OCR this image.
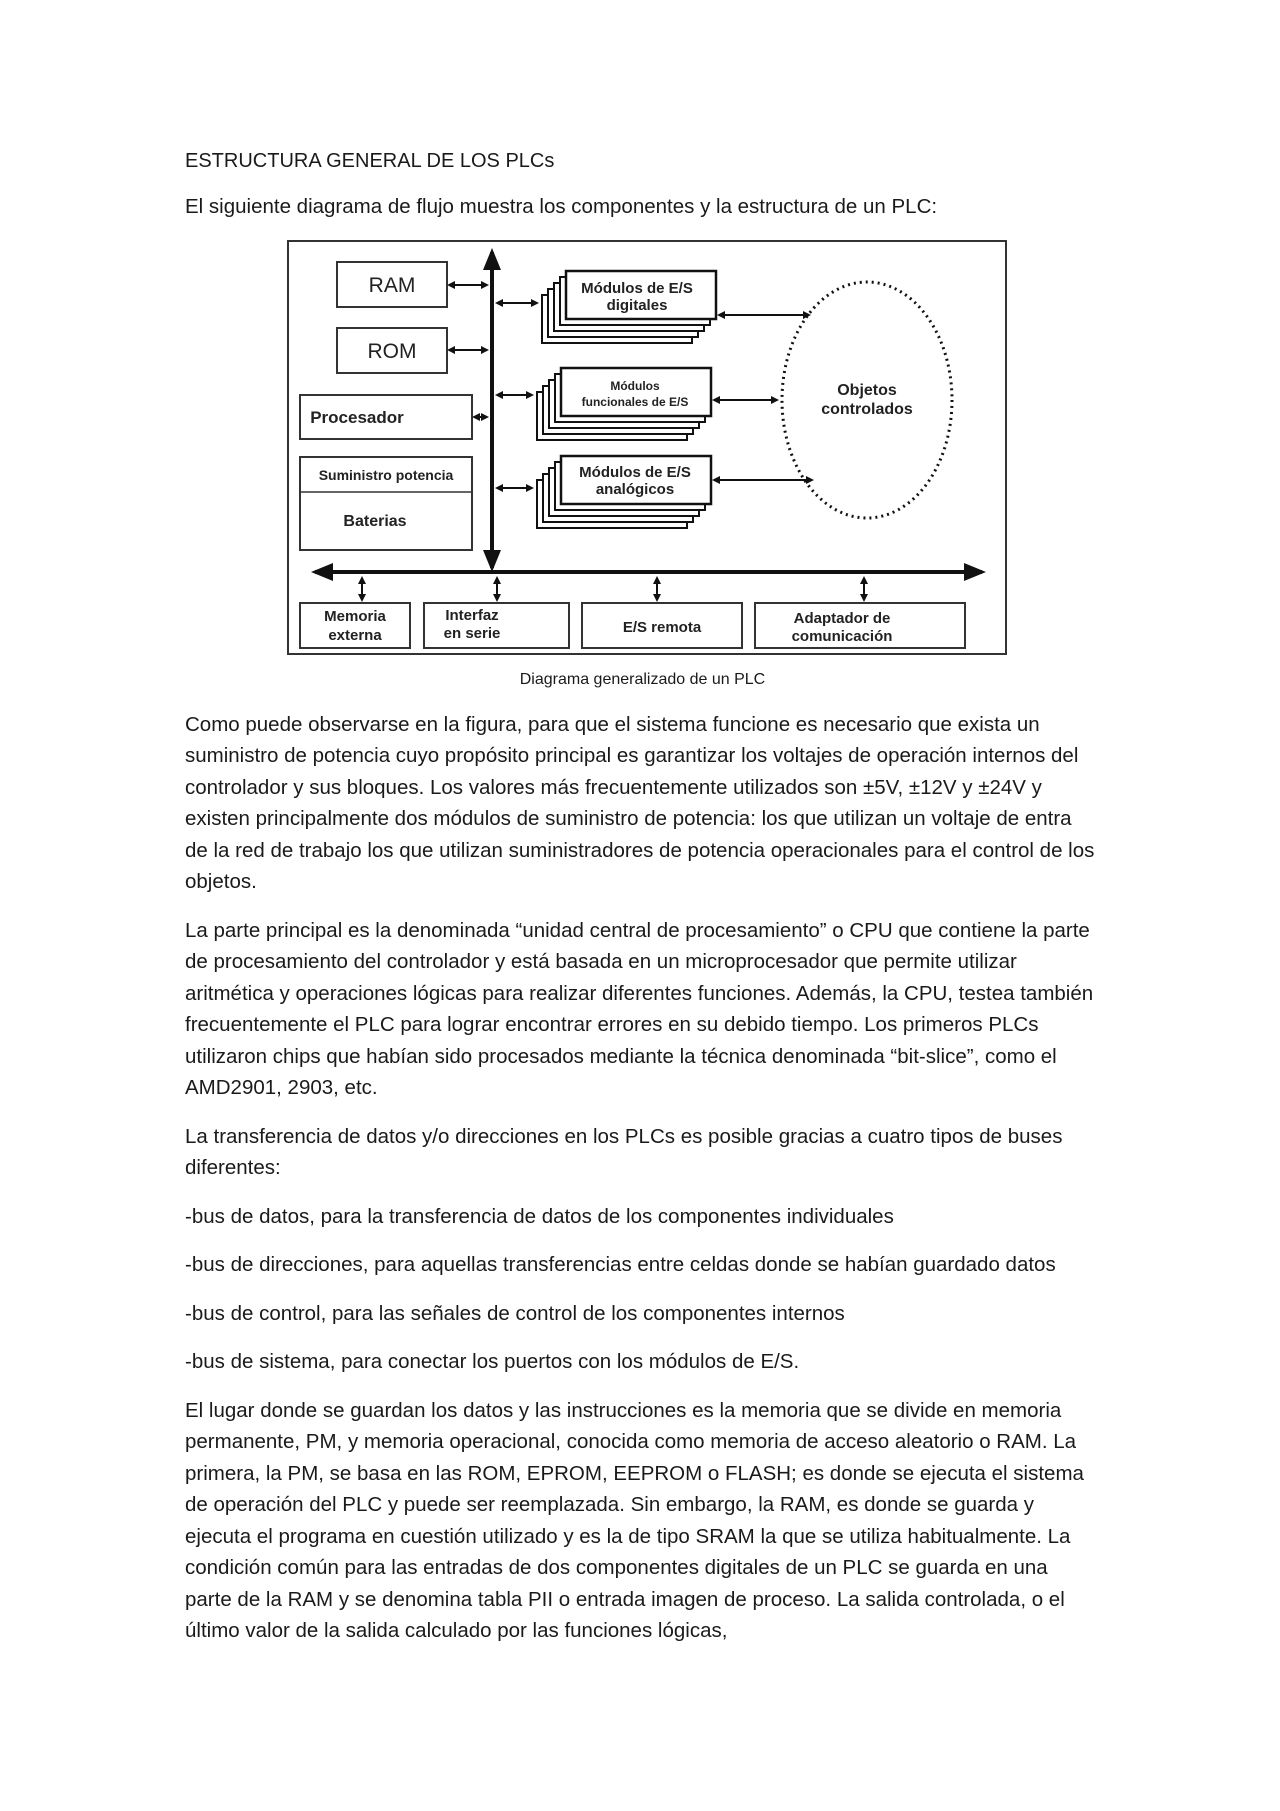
ESTRUCTURA GENERAL DE LOS PLCs

El siguiente diagrama de flujo muestra los componentes y la estructura de un PLC:

RAM
ROM
Procesador
Suministro potencia
Baterias
Módulos de E/S
digitales
Módulos
funcionales de E/S
Módulos de E/S
analógicos
Objetos
controlados
Memoria
externa
Interfaz
en serie	E/S remota
Adaptador de
comunicación

Diagrama generalizado de un PLC

Como puede observarse en la figura, para que el sistema funcione es necesario que exista un suministro de potencia cuyo propósito principal es garantizar los voltajes de operación internos del controlador y sus bloques. Los valores más frecuentemente utilizados son ±5V, ±12V y ±24V y existen principalmente dos módulos de suministro de potencia: los que utilizan un voltaje de entra de la red de trabajo los que utilizan suministradores de potencia operacionales para el control de los objetos.

La parte principal es la denominada “unidad central de procesamiento” o CPU que contiene la parte de procesamiento del controlador y está basada en un microprocesador que permite utilizar aritmética y operaciones lógicas para realizar diferentes funciones. Además, la CPU, testea también frecuentemente el PLC para lograr encontrar errores en su debido tiempo. Los primeros PLCs utilizaron chips que habían sido procesados mediante la técnica denominada “bit-slice”, como el AMD2901, 2903, etc.

La transferencia de datos y/o direcciones en los PLCs es posible gracias a cuatro tipos de buses diferentes:

-bus de datos, para la transferencia de datos de los componentes individuales

-bus de direcciones, para aquellas transferencias entre celdas donde se habían guardado datos

-bus de control, para las señales de control de los componentes internos

-bus de sistema, para conectar los puertos con los módulos de E/S.

El lugar donde se guardan los datos y las instrucciones es la memoria que se divide en memoria permanente, PM, y memoria operacional, conocida como memoria de acceso aleatorio o RAM. La primera, la PM, se basa en las ROM, EPROM, EEPROM o FLASH; es donde se ejecuta el sistema de operación del PLC y puede ser reemplazada. Sin embargo, la RAM, es donde se guarda y ejecuta el programa en cuestión utilizado y es la de tipo SRAM la que se utiliza habitualmente. La condición común para las entradas de dos componentes digitales de un PLC se guarda en una parte de la RAM y se denomina tabla PII o entrada imagen de proceso. La salida controlada, o el último valor de la salida calculado por las funciones lógicas,
